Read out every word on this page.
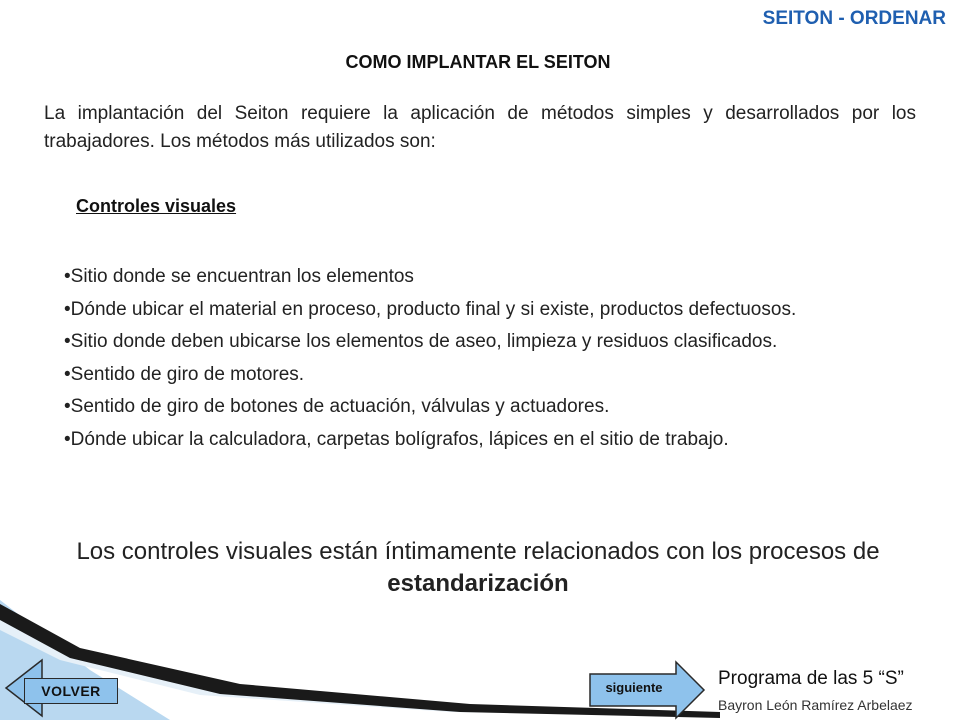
SEITON - ORDENAR
COMO IMPLANTAR EL SEITON
La implantación del Seiton requiere la aplicación de métodos simples y desarrollados por los trabajadores. Los métodos más utilizados son:
Controles visuales
• Sitio donde se encuentran los elementos
• Dónde ubicar el material en proceso, producto final y si existe, productos defectuosos.
• Sitio donde deben ubicarse los elementos de aseo, limpieza y residuos clasificados.
• Sentido de giro de motores.
• Sentido de giro de botones de actuación, válvulas y actuadores.
• Dónde ubicar la calculadora, carpetas bolígrafos, lápices en el sitio de trabajo.
Los controles visuales están íntimamente relacionados con los procesos de estandarización
VOLVER	siguiente	Programa de las 5 “S”
Bayron León Ramírez Arbelaez
